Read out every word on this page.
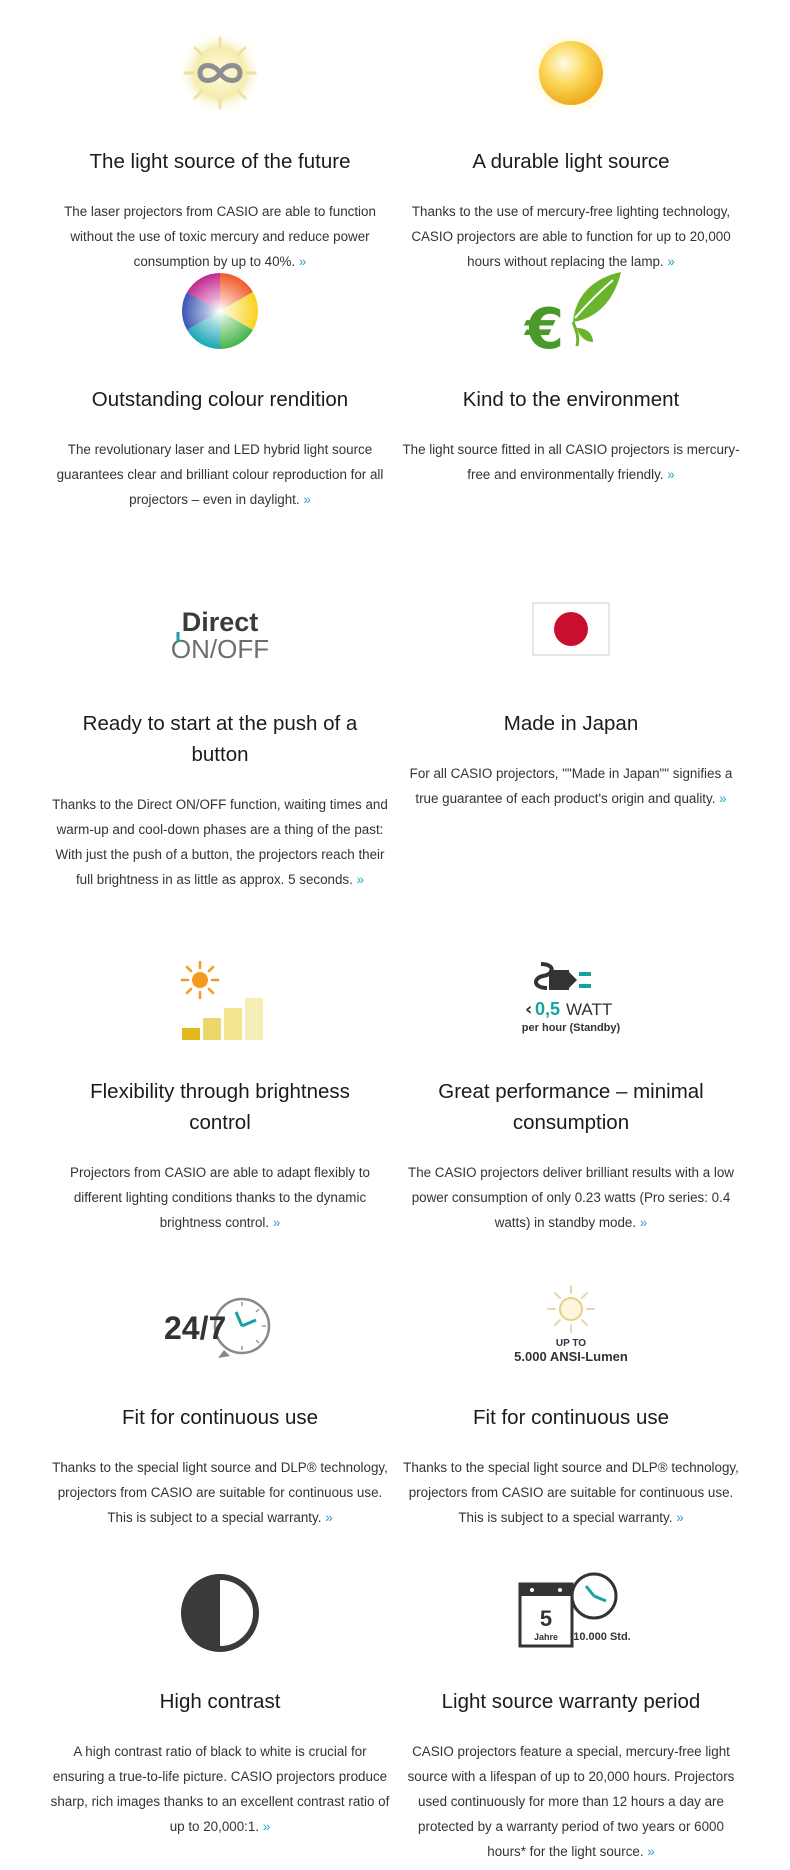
The light source of the future

The laser projectors from CASIO are able to function without the use of toxic mercury and reduce power consumption by up to 40%. »

A durable light source

Thanks to the use of mercury-free lighting technology, CASIO projectors are able to function for up to 20,000 hours without replacing the lamp. »

Outstanding colour rendition

The revolutionary laser and LED hybrid light source guarantees clear and brilliant colour reproduction for all projectors – even in daylight. »

€
Kind to the environment

The light source fitted in all CASIO projectors is mercury-free and environmentally friendly. »

Direct
ON/OFF
Ready to start at the push of a button

Thanks to the Direct ON/OFF function, waiting times and warm-up and cool-down phases are a thing of the past: With just the push of a button, the projectors reach their full brightness in as little as approx. 5 seconds. »

Made in Japan

For all CASIO projectors, ""Made in Japan"" signifies a true guarantee of each product's origin and quality. »

Flexibility through brightness control

Projectors from CASIO are able to adapt flexibly to different lighting conditions thanks to the dynamic brightness control. »

‹ 0,5 WATT
per hour (Standby)
Great performance – minimal consumption

The CASIO projectors deliver brilliant results with a low power consumption of only 0.23 watts (Pro series: 0.4 watts) in standby mode. »

24/7
Fit for continuous use

Thanks to the special light source and DLP® technology, projectors from CASIO are suitable for continuous use. This is subject to a special warranty. »

UP TO
5.000 ANSI-Lumen
Fit for continuous use

Thanks to the special light source and DLP® technology, projectors from CASIO are suitable for continuous use. This is subject to a special warranty. »

High contrast

A high contrast ratio of black to white is crucial for ensuring a true-to-life picture. CASIO projectors produce sharp, rich images thanks to an excellent contrast ratio of up to 20,000:1. »

5
Jahre 10.000 Std.
Light source warranty period

CASIO projectors feature a special, mercury-free light source with a lifespan of up to 20,000 hours. Projectors used continuously for more than 12 hours a day are protected by a warranty period of two years or 6000 hours* for the light source. »
